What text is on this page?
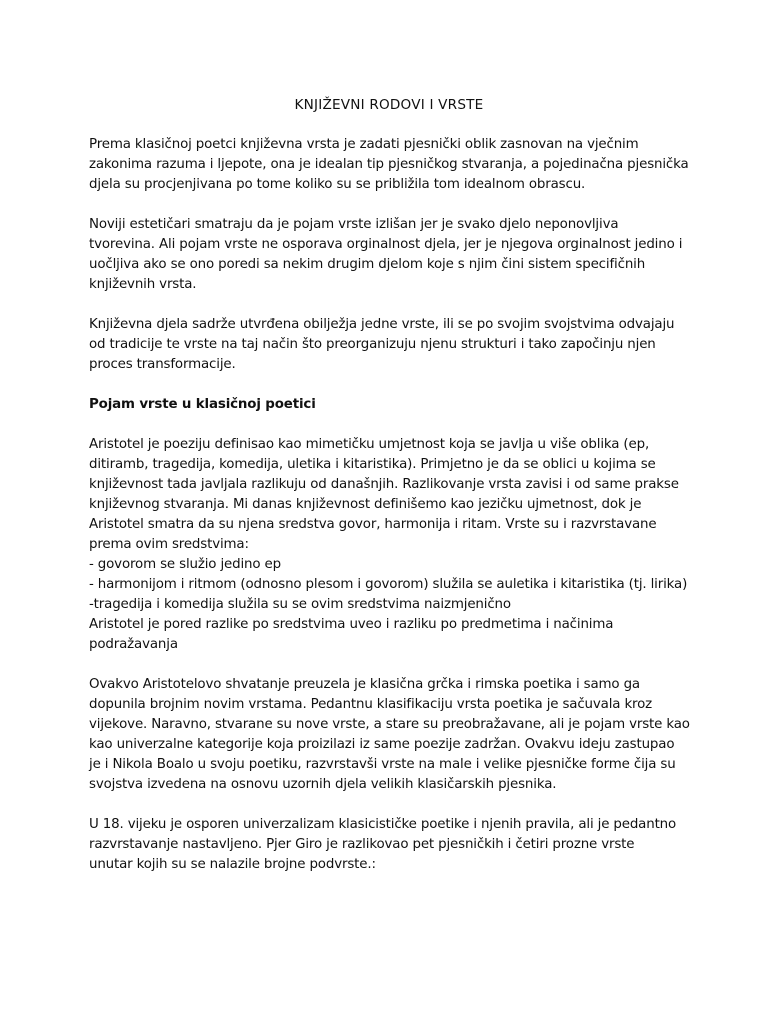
KNJIŽEVNI RODOVI I VRSTE
Prema klasičnoj poetci književna vrsta je zadati pjesnički oblik zasnovan na vječnim
zakonima razuma i ljepote, ona je idealan tip pjesničkog stvaranja, a pojedinačna pjesnička
djela su procjenjivana po tome koliko su se približila tom idealnom obrascu.
Noviji estetičari smatraju da je pojam vrste izlišan jer je svako djelo neponovljiva
tvorevina. Ali pojam vrste ne osporava orginalnost djela, jer je njegova orginalnost jedino i
uočljiva ako se ono poredi sa nekim drugim djelom koje s njim čini sistem specifičnih
književnih vrsta.
Književna djela sadrže utvrđena obilježja jedne vrste, ili se po svojim svojstvima odvajaju
od tradicije te vrste na taj način što preorganizuju njenu strukturi i tako započinju njen
proces transformacije.
Pojam vrste u klasičnoj poetici
Aristotel je poeziju definisao kao mimetičku umjetnost koja se javlja u više oblika (ep,
ditiramb, tragedija, komedija, uletika i kitaristika). Primjetno je da se oblici u kojima se
književnost tada javljala razlikuju od današnjih. Razlikovanje vrsta zavisi i od same prakse
književnog stvaranja. Mi danas književnost definišemo kao jezičku ujmetnost, dok je
Aristotel smatra da su njena sredstva govor, harmonija i ritam. Vrste su i razvrstavane
prema ovim sredstvima:
- govorom se služio jedino ep
- harmonijom i ritmom (odnosno plesom i govorom) služila se auletika i kitaristika (tj. lirika)
-tragedija i komedija služila su se ovim sredstvima naizmjenično
Aristotel je pored razlike po sredstvima uveo i razliku po predmetima i načinima
podražavanja
Ovakvo Aristotelovo shvatanje preuzela je klasična grčka i rimska poetika i samo ga
dopunila brojnim novim vrstama. Pedantnu klasifikaciju vrsta poetika je sačuvala kroz
vijekove. Naravno, stvarane su nove vrste, a stare su preobražavane, ali je pojam vrste kao
kao univerzalne kategorije koja proizilazi iz same poezije zadržan. Ovakvu ideju zastupao
je i Nikola Boalo u svoju poetiku, razvrstavši vrste na male i velike pjesničke forme čija su
svojstva izvedena na osnovu uzornih djela velikih klasičarskih pjesnika.
U 18. vijeku je osporen univerzalizam klasicističke poetike i njenih pravila, ali je pedantno
razvrstavanje nastavljeno. Pjer Giro je razlikovao pet pjesničkih i četiri prozne vrste
unutar kojih su se nalazile brojne podvrste.:
